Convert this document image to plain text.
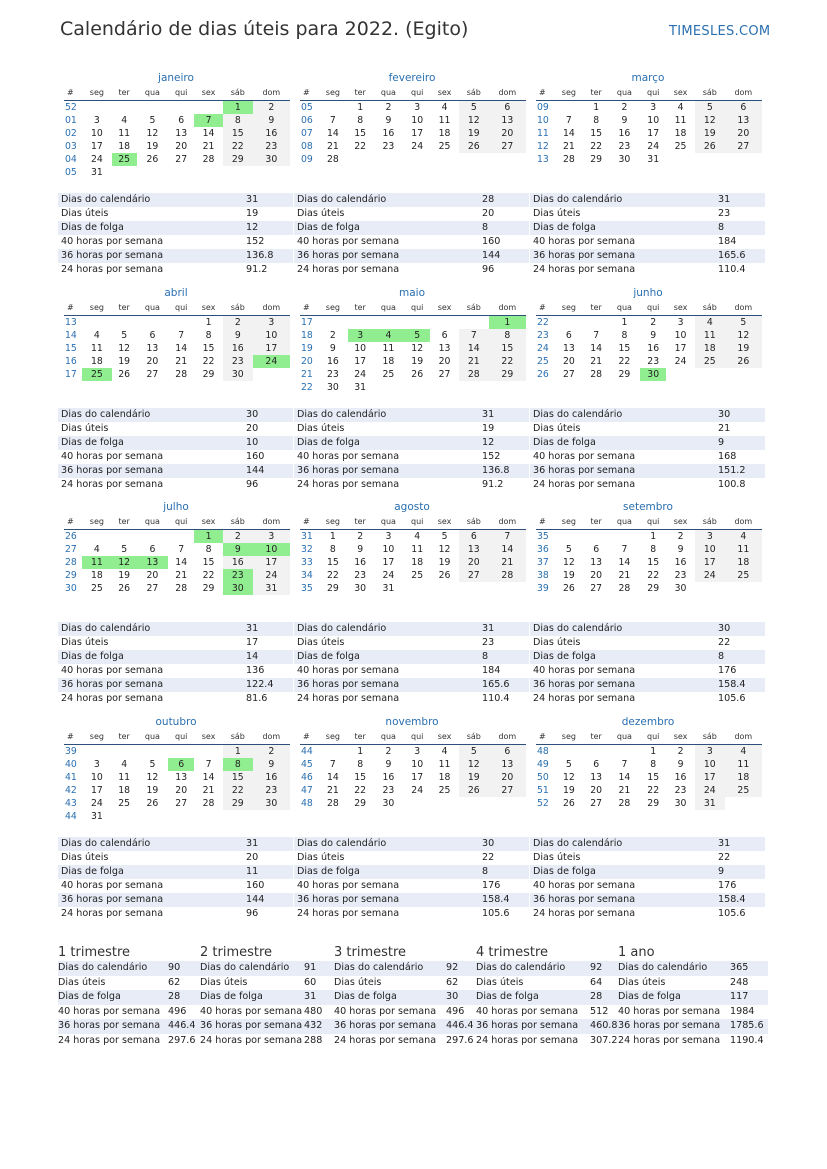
Calendário de dias úteis para 2022. (Egito)	TIMESLES.COM
janeiro
#	seg	ter	qua	qui	sex	sáb	dom
52						1	2
01	3	4	5	6	7	8	9
02	10	11	12	13	14	15	16
03	17	18	19	20	21	22	23
04	24	25	26	27	28	29	30
05	31						
Dias do calendário	31
Dias úteis	19
Dias de folga	12
40 horas por semana	152
36 horas por semana	136.8
24 horas por semana	91.2
fevereiro
#	seg	ter	qua	qui	sex	sáb	dom
05		1	2	3	4	5	6
06	7	8	9	10	11	12	13
07	14	15	16	17	18	19	20
08	21	22	23	24	25	26	27
09	28						
Dias do calendário	28
Dias úteis	20
Dias de folga	8
40 horas por semana	160
36 horas por semana	144
24 horas por semana	96
março
#	seg	ter	qua	qui	sex	sáb	dom
09		1	2	3	4	5	6
10	7	8	9	10	11	12	13
11	14	15	16	17	18	19	20
12	21	22	23	24	25	26	27
13	28	29	30	31			
Dias do calendário	31
Dias úteis	23
Dias de folga	8
40 horas por semana	184
36 horas por semana	165.6
24 horas por semana	110.4
abril
#	seg	ter	qua	qui	sex	sáb	dom
13					1	2	3
14	4	5	6	7	8	9	10
15	11	12	13	14	15	16	17
16	18	19	20	21	22	23	24
17	25	26	27	28	29	30	
Dias do calendário	30
Dias úteis	20
Dias de folga	10
40 horas por semana	160
36 horas por semana	144
24 horas por semana	96
maio
#	seg	ter	qua	qui	sex	sáb	dom
17							1
18	2	3	4	5	6	7	8
19	9	10	11	12	13	14	15
20	16	17	18	19	20	21	22
21	23	24	25	26	27	28	29
22	30	31					
Dias do calendário	31
Dias úteis	19
Dias de folga	12
40 horas por semana	152
36 horas por semana	136.8
24 horas por semana	91.2
junho
#	seg	ter	qua	qui	sex	sáb	dom
22			1	2	3	4	5
23	6	7	8	9	10	11	12
24	13	14	15	16	17	18	19
25	20	21	22	23	24	25	26
26	27	28	29	30			
Dias do calendário	30
Dias úteis	21
Dias de folga	9
40 horas por semana	168
36 horas por semana	151.2
24 horas por semana	100.8
julho
#	seg	ter	qua	qui	sex	sáb	dom
26					1	2	3
27	4	5	6	7	8	9	10
28	11	12	13	14	15	16	17
29	18	19	20	21	22	23	24
30	25	26	27	28	29	30	31
Dias do calendário	31
Dias úteis	17
Dias de folga	14
40 horas por semana	136
36 horas por semana	122.4
24 horas por semana	81.6
agosto
#	seg	ter	qua	qui	sex	sáb	dom
31	1	2	3	4	5	6	7
32	8	9	10	11	12	13	14
33	15	16	17	18	19	20	21
34	22	23	24	25	26	27	28
35	29	30	31				
Dias do calendário	31
Dias úteis	23
Dias de folga	8
40 horas por semana	184
36 horas por semana	165.6
24 horas por semana	110.4
setembro
#	seg	ter	qua	qui	sex	sáb	dom
35				1	2	3	4
36	5	6	7	8	9	10	11
37	12	13	14	15	16	17	18
38	19	20	21	22	23	24	25
39	26	27	28	29	30		
Dias do calendário	30
Dias úteis	22
Dias de folga	8
40 horas por semana	176
36 horas por semana	158.4
24 horas por semana	105.6
outubro
#	seg	ter	qua	qui	sex	sáb	dom
39						1	2
40	3	4	5	6	7	8	9
41	10	11	12	13	14	15	16
42	17	18	19	20	21	22	23
43	24	25	26	27	28	29	30
44	31						
Dias do calendário	31
Dias úteis	20
Dias de folga	11
40 horas por semana	160
36 horas por semana	144
24 horas por semana	96
novembro
#	seg	ter	qua	qui	sex	sáb	dom
44		1	2	3	4	5	6
45	7	8	9	10	11	12	13
46	14	15	16	17	18	19	20
47	21	22	23	24	25	26	27
48	28	29	30				
Dias do calendário	30
Dias úteis	22
Dias de folga	8
40 horas por semana	176
36 horas por semana	158.4
24 horas por semana	105.6
dezembro
#	seg	ter	qua	qui	sex	sáb	dom
48				1	2	3	4
49	5	6	7	8	9	10	11
50	12	13	14	15	16	17	18
51	19	20	21	22	23	24	25
52	26	27	28	29	30	31	
Dias do calendário	31
Dias úteis	22
Dias de folga	9
40 horas por semana	176
36 horas por semana	158.4
24 horas por semana	105.6
1 trimestre	2 trimestre	3 trimestre	4 trimestre	1 ano
Dias do calendário	90	Dias do calendário	91	Dias do calendário	92	Dias do calendário	92	Dias do calendário	365
Dias úteis	62	Dias úteis	60	Dias úteis	62	Dias úteis	64	Dias úteis	248
Dias de folga	28	Dias de folga	31	Dias de folga	30	Dias de folga	28	Dias de folga	117
40 horas por semana	496	40 horas por semana	480	40 horas por semana	496	40 horas por semana	512	40 horas por semana	1984
36 horas por semana	446.4	36 horas por semana	432	36 horas por semana	446.4	36 horas por semana	460.8	36 horas por semana	1785.6
24 horas por semana	297.6	24 horas por semana	288	24 horas por semana	297.6	24 horas por semana	307.2	24 horas por semana	1190.4
